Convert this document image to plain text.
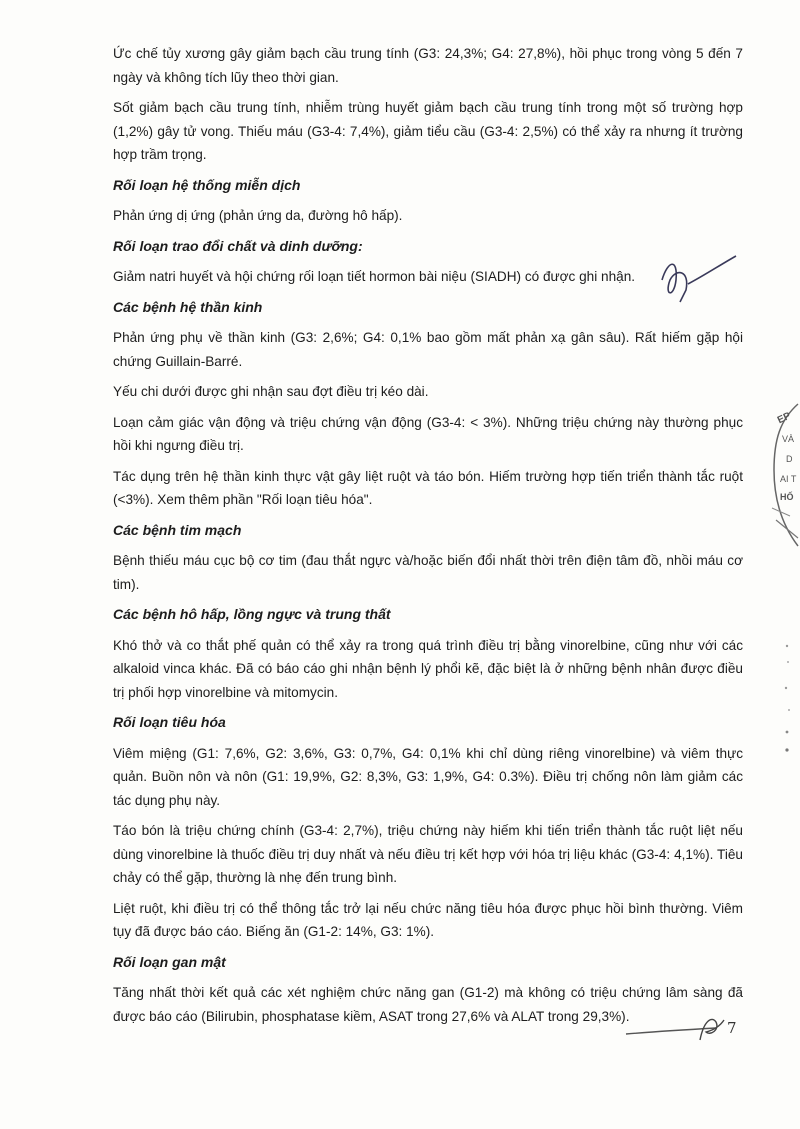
Ức chế tủy xương gây giảm bạch cầu trung tính (G3: 24,3%; G4: 27,8%), hồi phục trong vòng 5 đến 7 ngày và không tích lũy theo thời gian.

Sốt giảm bạch cầu trung tính, nhiễm trùng huyết giảm bạch cầu trung tính trong một số trường hợp (1,2%) gây tử vong. Thiếu máu (G3-4: 7,4%), giảm tiểu cầu (G3-4: 2,5%) có thể xảy ra nhưng ít trường hợp trầm trọng.

Rối loạn hệ thống miễn dịch

Phản ứng dị ứng (phản ứng da, đường hô hấp).

Rối loạn trao đổi chất và dinh dưỡng:

Giảm natri huyết và hội chứng rối loạn tiết hormon bài niệu (SIADH) có được ghi nhận.

Các bệnh hệ thần kinh

Phản ứng phụ về thần kinh (G3: 2,6%; G4: 0,1% bao gồm mất phản xạ gân sâu). Rất hiếm gặp hội chứng Guillain-Barré.

Yếu chi dưới được ghi nhận sau đợt điều trị kéo dài.

Loạn cảm giác vận động và triệu chứng vận động (G3-4: < 3%). Những triệu chứng này thường phục hồi khi ngưng điều trị.

Tác dụng trên hệ thần kinh thực vật gây liệt ruột và táo bón. Hiếm trường hợp tiến triển thành tắc ruột (<3%). Xem thêm phần "Rối loạn tiêu hóa".

Các bệnh tim mạch

Bệnh thiếu máu cục bộ cơ tim (đau thắt ngực và/hoặc biến đổi nhất thời trên điện tâm đồ, nhồi máu cơ tim).

Các bệnh hô hấp, lồng ngực và trung thất

Khó thở và co thắt phế quản có thể xảy ra trong quá trình điều trị bằng vinorelbine, cũng như với các alkaloid vinca khác. Đã có báo cáo ghi nhận bệnh lý phổi kẽ, đặc biệt là ở những bệnh nhân được điều trị phối hợp vinorelbine và mitomycin.

Rối loạn tiêu hóa

Viêm miệng (G1: 7,6%, G2: 3,6%, G3: 0,7%, G4: 0,1% khi chỉ dùng riêng vinorelbine) và viêm thực quản. Buồn nôn và nôn (G1: 19,9%, G2: 8,3%, G3: 1,9%, G4: 0.3%). Điều trị chống nôn làm giảm các tác dụng phụ này.

Táo bón là triệu chứng chính (G3-4: 2,7%), triệu chứng này hiếm khi tiến triển thành tắc ruột liệt nếu dùng vinorelbine là thuốc điều trị duy nhất và nếu điều trị kết hợp với hóa trị liệu khác (G3-4: 4,1%). Tiêu chảy có thể gặp, thường là nhẹ đến trung bình.

Liệt ruột, khi điều trị có thể thông tắc trở lại nếu chức năng tiêu hóa được phục hồi bình thường. Viêm tụy đã được báo cáo. Biếng ăn (G1-2: 14%, G3: 1%).

Rối loạn gan mật

Tăng nhất thời kết quả các xét nghiệm chức năng gan (G1-2) mà không có triệu chứng lâm sàng đã được báo cáo (Bilirubin, phosphatase kiềm, ASAT trong 27,6% và ALAT trong 29,3%).

EP
VÀ
D
AI T
HỐ
7
